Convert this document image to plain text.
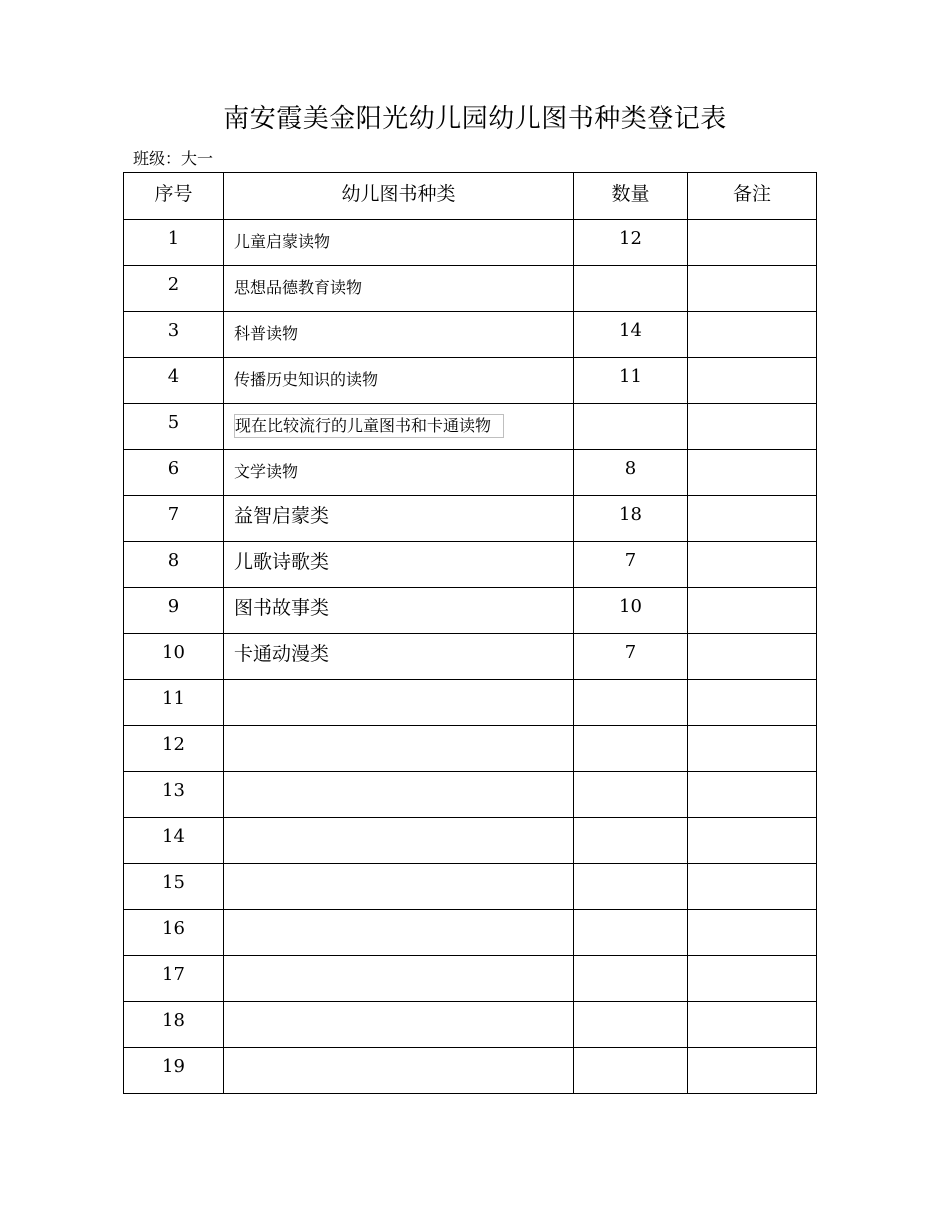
南安霞美金阳光幼儿园幼儿图书种类登记表
班级：大一
序号	幼儿图书种类	数量	备注
1	儿童启蒙读物	12	
2	思想品德教育读物		
3	科普读物	14	
4	传播历史知识的读物	11	
5	现在比较流行的儿童图书和卡通读物		
6	文学读物	8	
7	益智启蒙类	18	
8	儿歌诗歌类	7	
9	图书故事类	10	
10	卡通动漫类	7	
11			
12			
13			
14			
15			
16			
17			
18			
19			
